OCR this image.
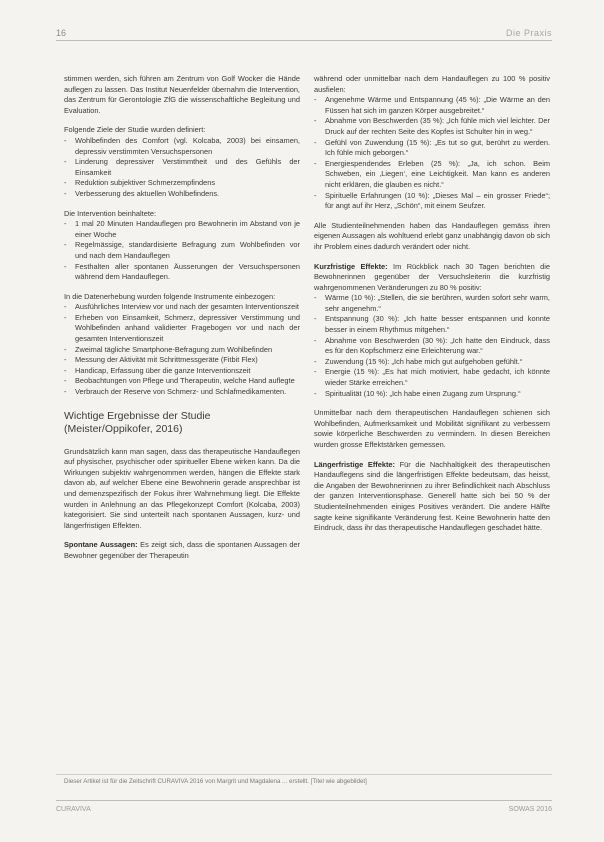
16	Die Praxis

stimmen werden, sich führen am Zentrum von Golf Wocker die Hände auflegen zu lassen. Das Institut Neuenfelder übernahm die Intervention, das Zentrum für Gerontologie ZfG die wissenschaftliche Begleitung und Evaluation.

Folgende Ziele der Studie wurden definiert:

- Wohlbefinden des Comfort (vgl. Kolcaba, 2003) bei einsamen, depressiv verstimmten Versuchspersonen
- Linderung depressiver Verstimmtheit und des Gefühls der Einsamkeit
- Reduktion subjektiver Schmerzempfindens
- Verbesserung des aktuellen Wohlbefindens.

Die Intervention beinhaltete:

- 1 mal 20 Minuten Handauflegen pro Bewohnerin im Abstand von je einer Woche
- Regelmässige, standardisierte Befragung zum Wohlbefinden vor und nach dem Handauflegen
- Festhalten aller spontanen Äusserungen der Versuchspersonen während dem Handauflegen.

In die Datenerhebung wurden folgende Instrumente einbezogen:

- Ausführliches Interview vor und nach der gesamten Interventionszeit
- Erheben von Einsamkeit, Schmerz, depressiver Verstimmung und Wohlbefinden anhand validierter Fragebogen vor und nach der gesamten Interventionszeit
- Zweimal tägliche Smartphone-Befragung zum Wohlbefinden
- Messung der Aktivität mit Schrittmessgeräte (Fitbit Flex)
- Handicap, Erfassung über die ganze Interventionszeit
- Beobachtungen von Pflege und Therapeutin, welche Hand auflegte
- Verbrauch der Reserve von Schmerz- und Schlafmedikamenten.
Wichtige Ergebnisse der Studie
(Meister/Oppikofer, 2016)

Grundsätzlich kann man sagen, dass das therapeutische Handauflegen auf physischer, psychischer oder spiritueller Ebene wirken kann. Da die Wirkungen subjektiv wahrgenommen werden, hängen die Effekte stark davon ab, auf welcher Ebene eine Bewohnerin gerade ansprechbar ist und demenzspezifisch der Fokus ihrer Wahrnehmung liegt. Die Effekte wurden in Anlehnung an das Pflegekonzept Comfort (Kolcaba, 2003) kategorisiert. Sie sind unterteilt nach spontanen Aussagen, kurz- und längerfristigen Effekten.

Spontane Aussagen: Es zeigt sich, dass die spontanen Aussagen der Bewohner gegenüber der Therapeutin

während oder unmittelbar nach dem Handauflegen zu 100 % positiv ausfielen:

- Angenehme Wärme und Entspannung (45 %): „Die Wärme an den Füssen hat sich im ganzen Körper ausgebreitet.“
- Abnahme von Beschwerden (35 %): „Ich fühle mich viel leichter. Der Druck auf der rechten Seite des Kopfes ist Schulter hin in weg.“
- Gefühl von Zuwendung (15 %): „Es tut so gut, berührt zu werden. Ich fühle mich geborgen.“
- Energiespendendes Erleben (25 %): „Ja, ich schon. Beim Schweben, ein ‚Liegen‘, eine Leichtigkeit. Man kann es anderen nicht erklären, die glauben es nicht.“
- Spirituelle Erfahrungen (10 %): „Dieses Mal – ein grosser Friede“; für angt auf ihr Herz, „Schön“, mit einem Seufzer.

Alle Studienteilnehmenden haben das Handauflegen gemäss ihren eigenen Aussagen als wohltuend erlebt ganz unabhängig davon ob sich ihr Problem eines dadurch verändert oder nicht.

Kurzfristige Effekte: Im Rückblick nach 30 Tagen berichten die Bewohnerinnen gegenüber der Versuchsleiterin die kurzfristig wahrgenommenen Veränderungen zu 80 % positiv:

- Wärme (10 %): „Stellen, die sie berühren, wurden sofort sehr warm, sehr angenehm.“
- Entspannung (30 %): „Ich hatte besser entspannen und konnte besser in einem Rhythmus mitgehen.“
- Abnahme von Beschwerden (30 %): „Ich hatte den Eindruck, dass es für den Kopfschmerz eine Erleichterung war.“
- Zuwendung (15 %): „Ich habe mich gut aufgehoben gefühlt.“
- Energie (15 %): „Es hat mich motiviert, habe gedacht, ich könnte wieder Stärke erreichen.“
- Spiritualität (10 %): „Ich habe einen Zugang zum Ursprung.“

Unmittelbar nach dem therapeutischen Handauflegen schienen sich Wohlbefinden, Aufmerksamkeit und Mobilität signifikant zu verbessern sowie körperliche Beschwerden zu vermindern. In diesen Bereichen wurden grosse Effektstärken gemessen.

Längerfristige Effekte: Für die Nachhaltigkeit des therapeutischen Handauflegens sind die längerfristigen Effekte bedeutsam, das heisst, die Angaben der Bewohnerinnen zu ihrer Befindlichkeit nach Abschluss der ganzen Interventionsphase. Generell hatte sich bei 50 % der Studienteilnehmenden einiges Positives verändert. Die andere Hälfte sagte keine signifikante Veränderung fest. Keine Bewohnerin hatte den Eindruck, dass ihr das therapeutische Handauflegen geschadet hätte.

Dieser Artikel ist für die Zeitschrift CURAVIVA 2016 von Margrit und Magdalena ... erstellt. [Titel wie abgebildet]
CURAVIVA	SOWAS 2016
